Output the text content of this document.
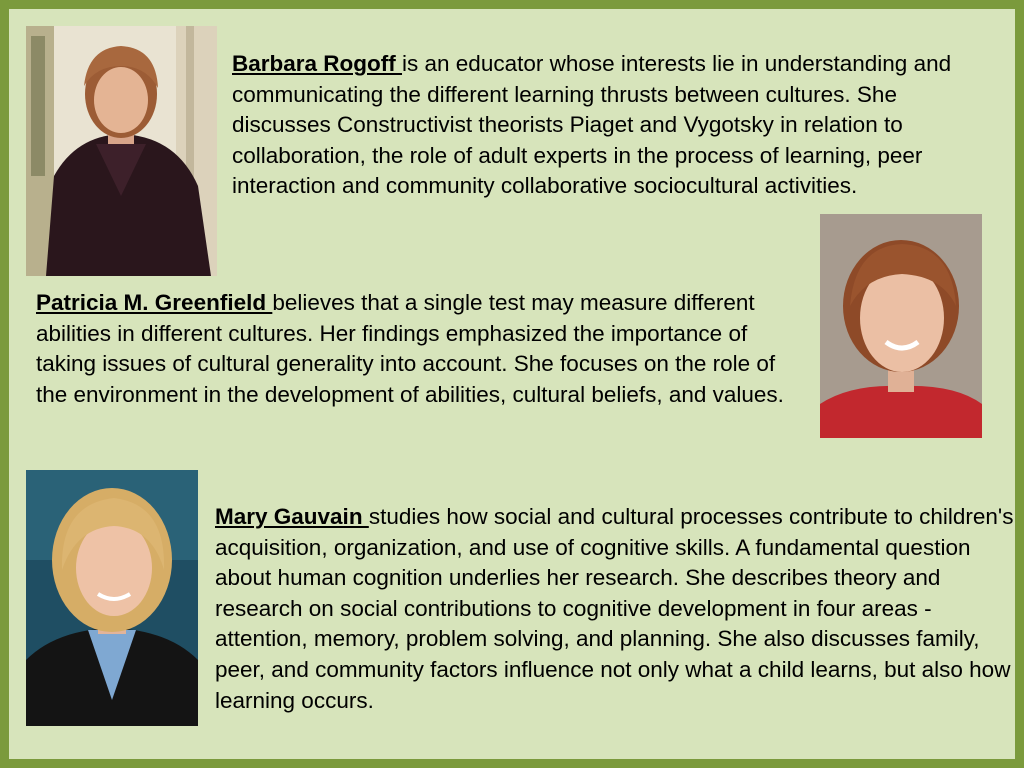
Barbara Rogoff is an educator whose interests lie in understanding and communicating the different learning thrusts between cultures. She discusses Constructivist theorists Piaget and Vygotsky in relation to collaboration, the role of adult experts in the process of learning, peer interaction and community collaborative sociocultural activities.

Patricia M. Greenfield believes that a single test may measure different abilities in different cultures. Her findings emphasized the importance of taking issues of cultural generality into account. She focuses on the role of the environment in the development of abilities, cultural beliefs, and values.

Mary Gauvain studies how social and cultural processes contribute to children's acquisition, organization, and use of cognitive skills. A fundamental question about human cognition underlies her research. She describes theory and research on social contributions to cognitive development in four areas - attention, memory, problem solving, and planning. She also discusses family, peer, and community factors influence not only what a child learns, but also how learning occurs.
